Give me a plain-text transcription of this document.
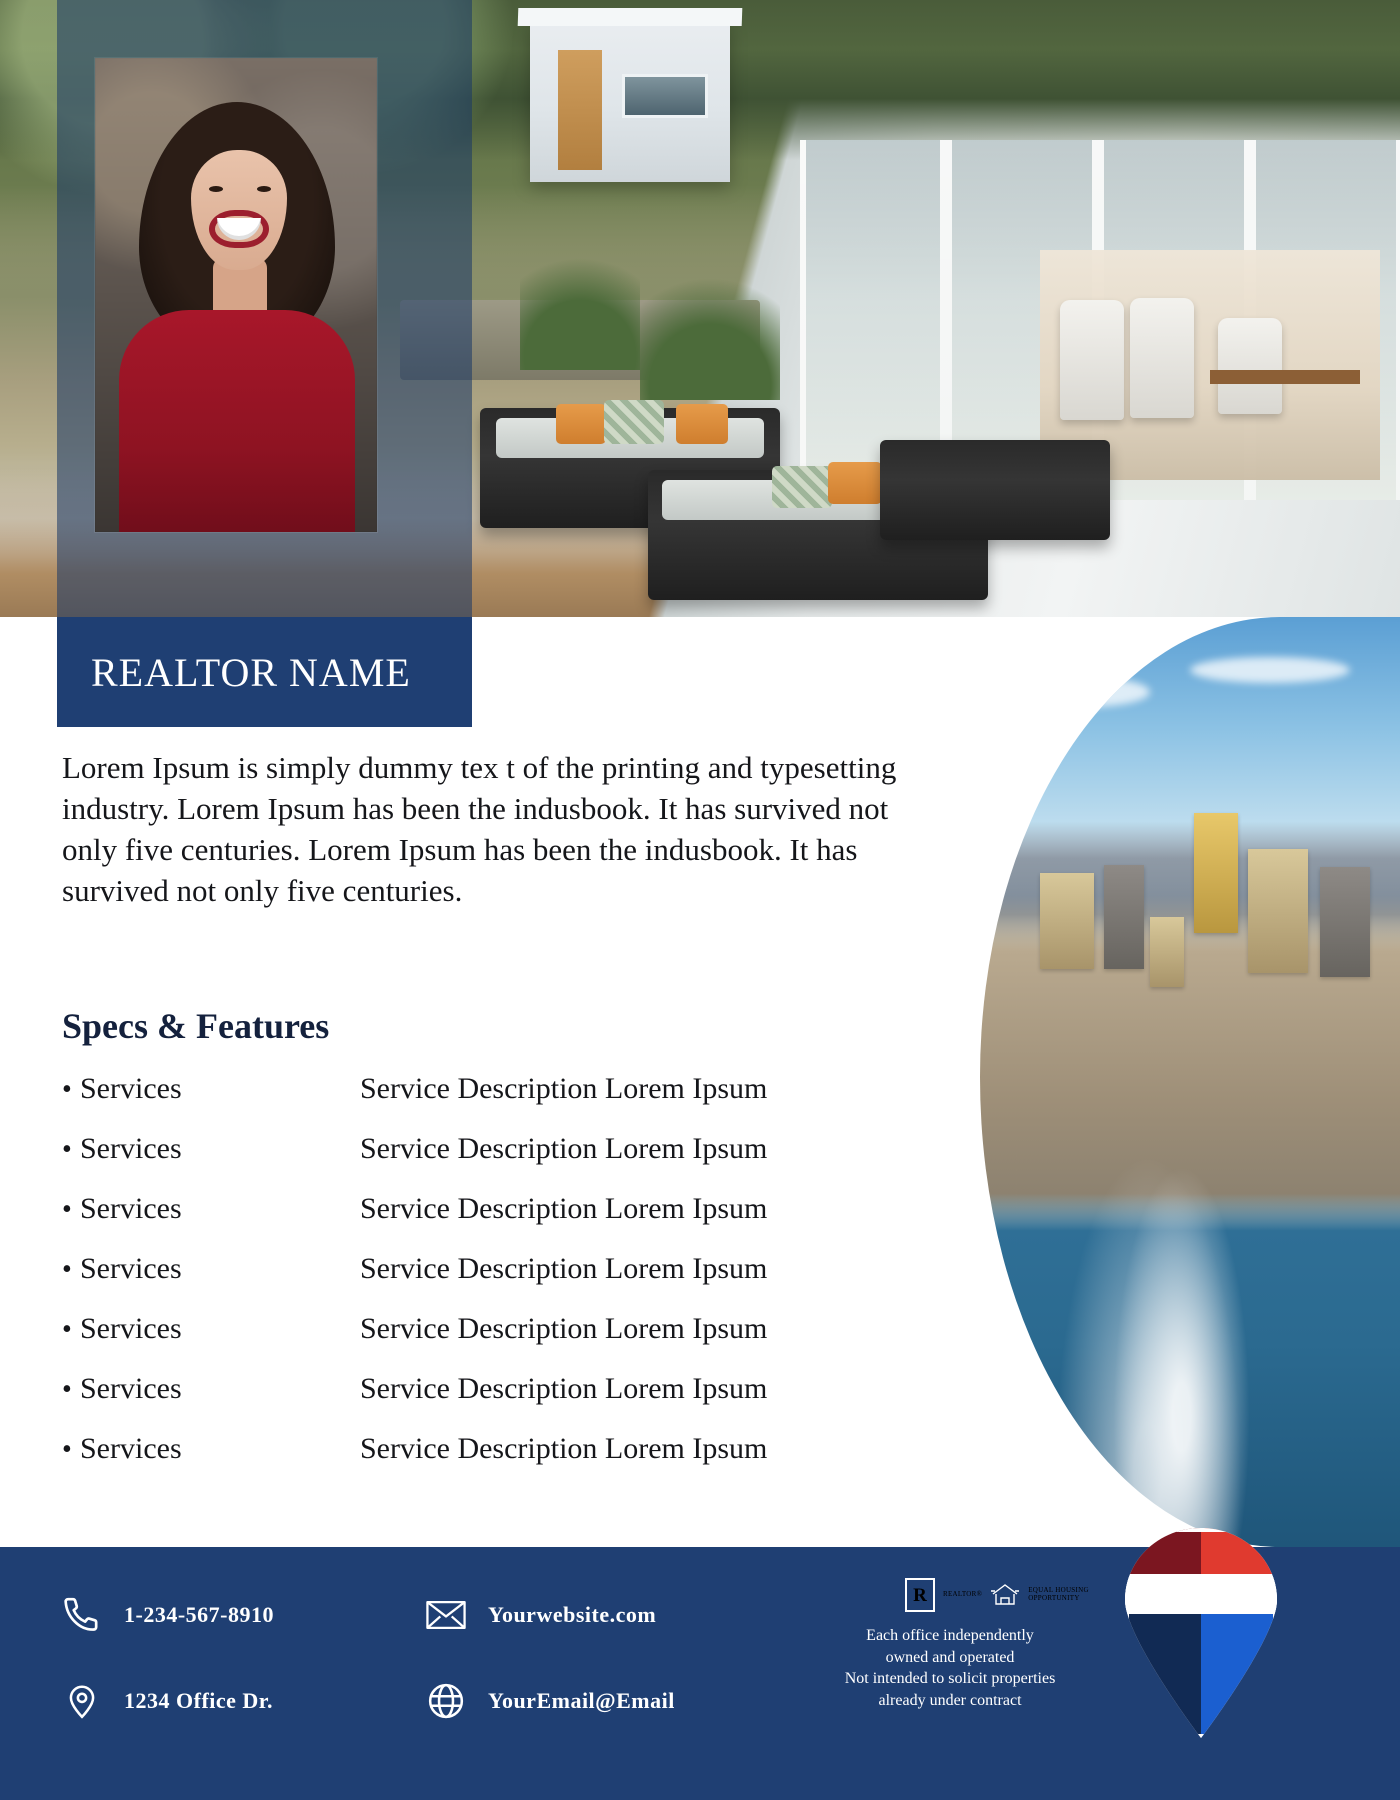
REALTOR NAME
Lorem Ipsum is simply dummy tex t of the printing and typesetting industry. Lorem Ipsum has been the indusbook. It has survived not only five centuries. Lorem Ipsum has been the indusbook. It has survived not only five centuries.
Specs & Features
• Services	Service Description Lorem Ipsum
• Services	Service Description Lorem Ipsum
• Services	Service Description Lorem Ipsum
• Services	Service Description Lorem Ipsum
• Services	Service Description Lorem Ipsum
• Services	Service Description Lorem Ipsum
• Services	Service Description Lorem Ipsum
1-234-567-8910
1234 Office Dr.
Yourwebsite.com
YourEmail@Email
R	REALTOR®	EQUAL HOUSING
OPPORTUNITY
Each office independently
owned and operated
Not intended to solicit properties
already under contract
